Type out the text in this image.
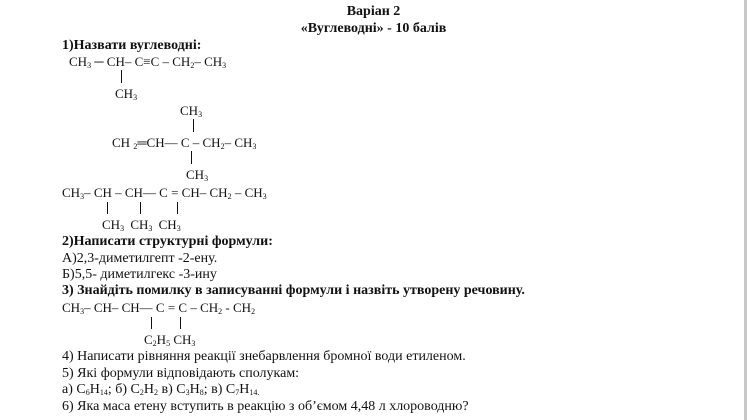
Варіан 2
«Вуглеводні» - 10 балів
1)Назвати вуглеводні:
$CH_3$ ─ CH– $C\equiv C - CH_2-$ $CH_3$
$CH_3$
$CH_3$
CH $_2$═CH— C – $CH_2-$ $CH_3$
$CH_3$
$CH_3-$ CH – CH— C = CH– $CH_2 - CH_3$
$CH_3$ $CH_3$ $CH_3$
2)Написати структурні формули:
А)2,3-диметилгепт -2-ену.
Б)5,5- диметилгекс -3-ину
3) Знайдіть помилку в записуванні формули і назвіть утворену речовину.
$CH_3-$ CH– CH— $C = C - CH_2 - CH_2$
$C_2H_5$ $CH_3$
4) Написати рівняння реакції знебарвлення бромної води етиленом.
5) Які формули відповідають сполукам:
а) $C_6H_{14}$; б) $C_2H_2$ в) $C_3H_8$; в) $C_7H_{14.}$
6) Яка маса етену вступить в реакцію з об’ємом 4,48 л хлороводню?
